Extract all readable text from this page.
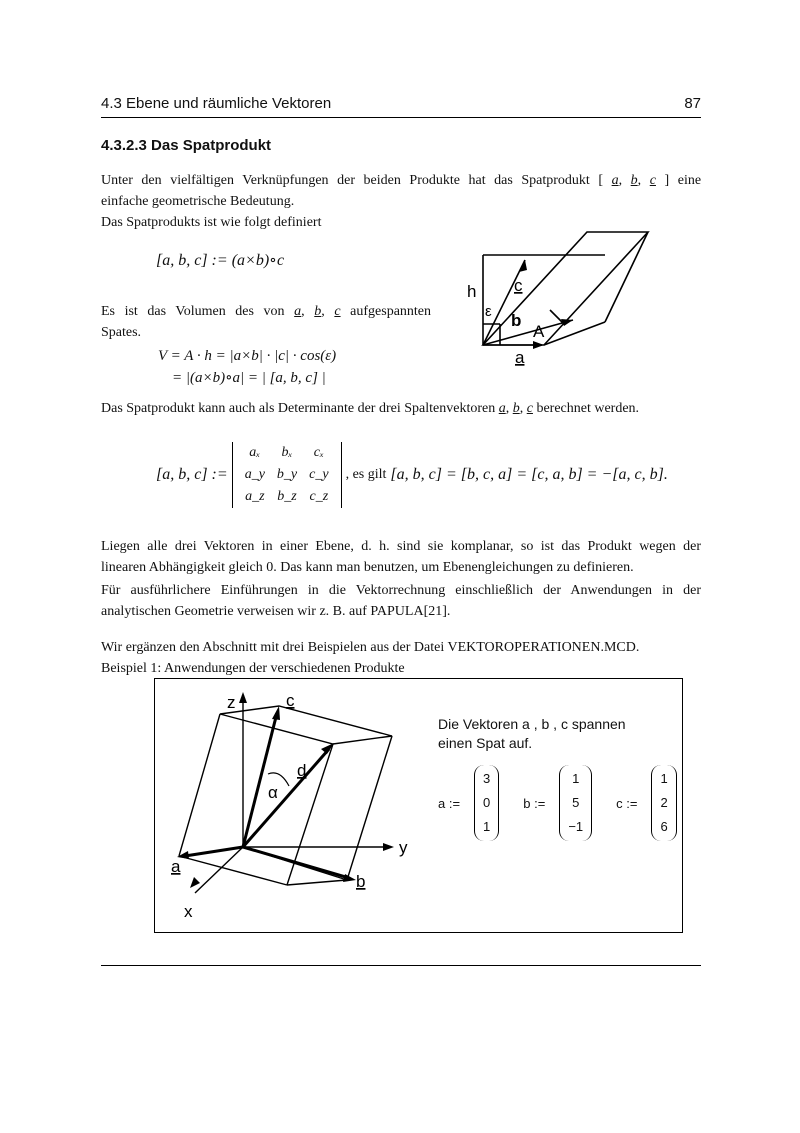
4.3 Ebene und räumliche Vektoren	87
4.3.2.3 Das Spatprodukt
Unter den vielfältigen Verknüpfungen der beiden Produkte hat das Spatprodukt [ a, b, c ] eine
einfache geometrische Bedeutung.
Das Spatprodukts ist wie folgt definiert
[a, b, c] := (a×b)∘c
Es ist das Volumen des von a, b, c aufgespannten
Spates.
V = A · h = |a×b| · |c| · cos(ε)
= |(a×b)∘a| = | [a, b, c] |
h
ε
c
b
A
a
Das Spatprodukt kann auch als Determinante der drei Spaltenvektoren a, b, c berechnet werden.
[a, b, c] := aₓ	bₓ	cₓ
a_y	b_y	c_y
a_z	b_z	c_z , es gilt [a, b, c] = [b, c, a] = [c, a, b] = −[a, c, b].
Liegen alle drei Vektoren in einer Ebene, d. h. sind sie komplanar, so ist das Produkt wegen der
linearen Abhängigkeit gleich 0. Das kann man benutzen, um Ebenengleichungen zu definieren.
Für ausführlichere Einführungen in die Vektorrechnung einschließlich der Anwendungen in der
analytischen Geometrie verweisen wir z. B. auf PAPULA[21].
Wir ergänzen den Abschnitt mit drei Beispielen aus der Datei VEKTOROPERATIONEN.MCD.
Beispiel 1: Anwendungen der verschiedenen Produkte
z	c
d
α
a
b
y
x
Die Vektoren a , b , c spannen
einen Spat auf.
a :=
3
0
1
b :=
1
5
−1
c :=
1
2
6
